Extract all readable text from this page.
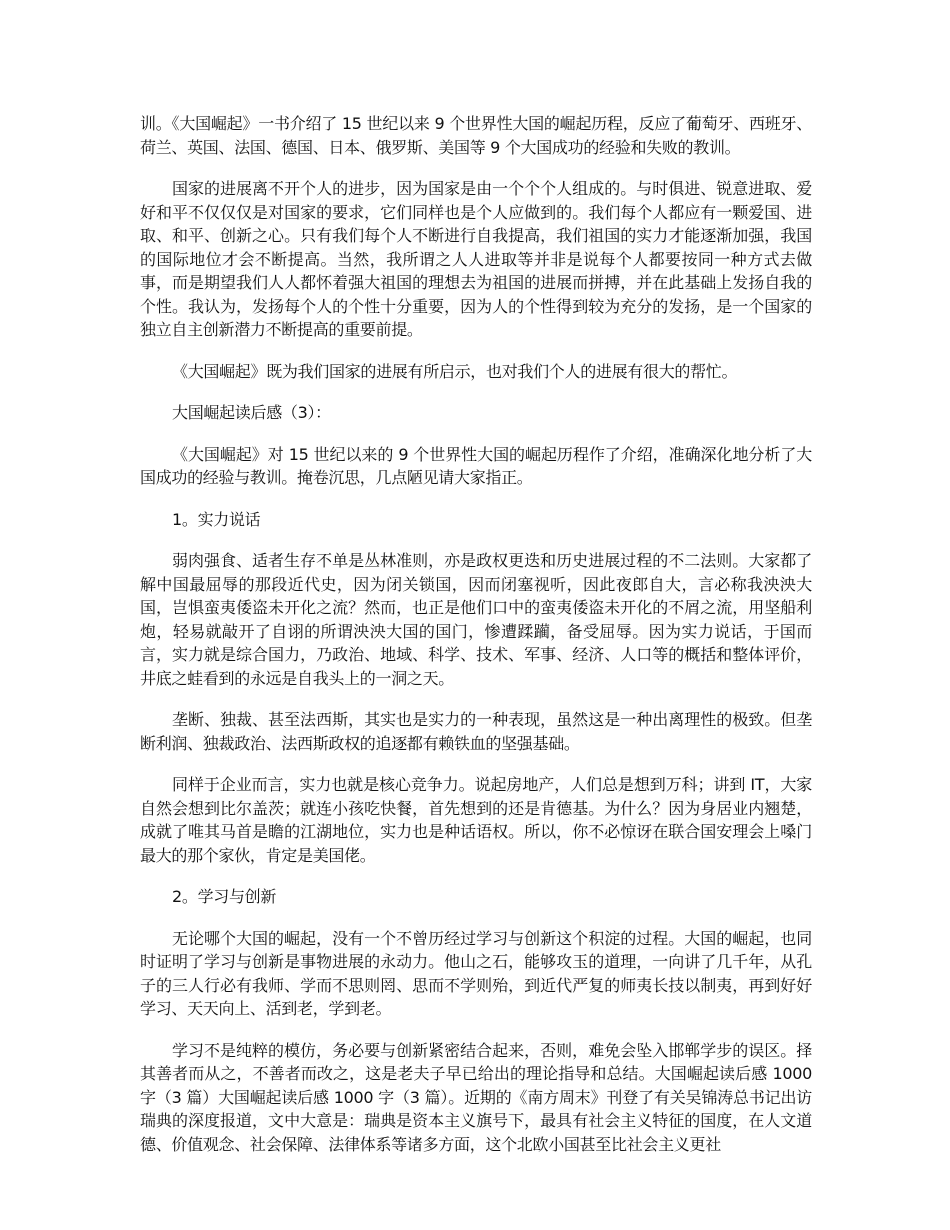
训。《大国崛起》一书介绍了 15 世纪以来 9 个世界性大国的崛起历程，反应了葡萄牙、西班牙、荷兰、英国、法国、德国、日本、俄罗斯、美国等 9 个大国成功的经验和失败的教训。

国家的进展离不开个人的进步，因为国家是由一个个个人组成的。与时俱进、锐意进取、爱好和平不仅仅仅是对国家的要求，它们同样也是个人应做到的。我们每个人都应有一颗爱国、进取、和平、创新之心。只有我们每个人不断进行自我提高，我们祖国的实力才能逐渐加强，我国的国际地位才会不断提高。当然，我所谓之人人进取等并非是说每个人都要按同一种方式去做事，而是期望我们人人都怀着强大祖国的理想去为祖国的进展而拼搏，并在此基础上发扬自我的个性。我认为，发扬每个人的个性十分重要，因为人的个性得到较为充分的发扬，是一个国家的独立自主创新潜力不断提高的重要前提。

《大国崛起》既为我们国家的进展有所启示，也对我们个人的进展有很大的帮忙。

大国崛起读后感（3）：

《大国崛起》对 15 世纪以来的 9 个世界性大国的崛起历程作了介绍，准确深化地分析了大国成功的经验与教训。掩卷沉思，几点陋见请大家指正。

1。实力说话

弱肉强食、适者生存不单是丛林准则，亦是政权更迭和历史进展过程的不二法则。大家都了解中国最屈辱的那段近代史，因为闭关锁国，因而闭塞视听，因此夜郎自大，言必称我泱泱大国，岂惧蛮夷倭盗未开化之流？然而，也正是他们口中的蛮夷倭盗未开化的不屑之流，用坚船利炮，轻易就敲开了自诩的所谓泱泱大国的国门，惨遭蹂躏，备受屈辱。因为实力说话，于国而言，实力就是综合国力，乃政治、地域、科学、技术、军事、经济、人口等的概括和整体评价，井底之蛙看到的永远是自我头上的一洞之天。

垄断、独裁、甚至法西斯，其实也是实力的一种表现，虽然这是一种出离理性的极致。但垄断利润、独裁政治、法西斯政权的追逐都有赖铁血的坚强基础。

同样于企业而言，实力也就是核心竞争力。说起房地产，人们总是想到万科；讲到 IT，大家自然会想到比尔盖茨；就连小孩吃快餐，首先想到的还是肯德基。为什么？因为身居业内翘楚，成就了唯其马首是瞻的江湖地位，实力也是种话语权。所以，你不必惊讶在联合国安理会上嗓门最大的那个家伙，肯定是美国佬。

2。学习与创新

无论哪个大国的崛起，没有一个不曾历经过学习与创新这个积淀的过程。大国的崛起，也同时证明了学习与创新是事物进展的永动力。他山之石，能够攻玉的道理，一向讲了几千年，从孔子的三人行必有我师、学而不思则罔、思而不学则殆，到近代严复的师夷长技以制夷，再到好好学习、天天向上、活到老，学到老。

学习不是纯粹的模仿，务必要与创新紧密结合起来，否则，难免会坠入邯郸学步的误区。择其善者而从之，不善者而改之，这是老夫子早已给出的理论指导和总结。大国崛起读后感 1000 字（3 篇）大国崛起读后感 1000 字（3 篇）。近期的《南方周末》刊登了有关吴锦涛总书记出访瑞典的深度报道，文中大意是：瑞典是资本主义旗号下，最具有社会主义特征的国度，在人文道德、价值观念、社会保障、法律体系等诸多方面，这个北欧小国甚至比社会主义更社
